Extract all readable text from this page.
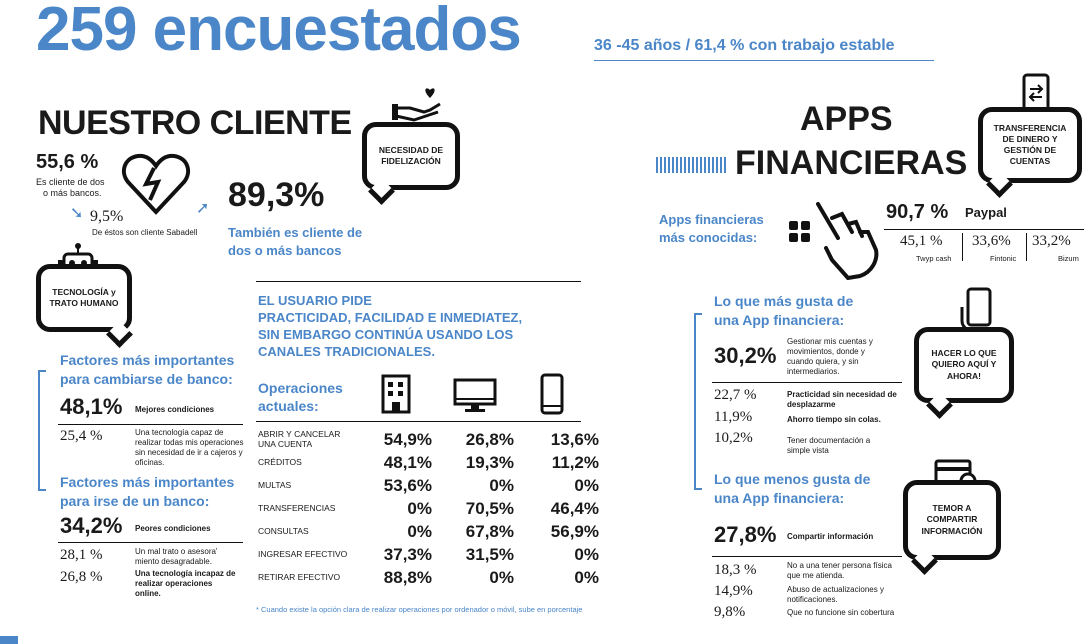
259 encuestados	36 -45 años / 61,4 % con trabajo estable
NUESTRO CLIENTE
55,6 %
Es cliente de dos
o más bancos.
➘ 9,5%
De éstos son cliente Sabadell
➚ 89,3%
También es cliente de
dos o más bancos
NECESIDAD DE
FIDELIZACIÓN
TECNOLOGÍA y
TRATO HUMANO
Factores más importantes
para cambiarse de banco:
48,1% Mejores condiciones
25,4 %	Una tecnología capaz de realizar todas mis operaciones sin necesidad de ir a cajeros y oficinas.
Factores más importantes
para irse de un banco:
34,2% Peores condiciones
28,1 %	Un mal trato o asesora' miento desagradable.
26,8 %	Una tecnología incapaz de realizar operaciones online.
EL USUARIO PIDE
PRACTICIDAD, FACILIDAD E INMEDIATEZ,
SIN EMBARGO CONTINÚA USANDO LOS
CANALES TRADICIONALES.
Operaciones
actuales:
ABRIR Y CANCELAR UNA CUENTA	54,9%	26,8%	13,6%
CRÉDITOS	48,1%	19,3%	11,2%
MULTAS	53,6%	0%	0%
TRANSFERENCIAS	0%	70,5%	46,4%
CONSULTAS	0%	67,8%	56,9%
INGRESAR EFECTIVO	37,3%	31,5%	0%
RETIRAR EFECTIVO	88,8%	0%	0%
* Cuando existe la opción clara de realizar operaciones por ordenador o móvil, sube en porcentaje
APPS
FINANCIERAS
TRANSFERENCIA DE DINERO Y GESTIÓN DE CUENTAS
Apps financieras
más conocidas:
90,7 % Paypal
45,1 %
Twyp cash
33,6%
Fintonic
33,2%
Bizum
Lo que más gusta de
una App financiera:
30,2%
Gestionar mis cuentas y movimientos, donde y cuando quiera, y sin intermediarios.
22,7 %	Practicidad sin necesidad de desplazarme
11,9%	Ahorro tiempo sin colas.
10,2%	Tener documentación a simple vista
HACER LO QUE QUIERO AQUÍ Y AHORA!
Lo que menos gusta de
una App financiera:
27,8% Compartir información
18,3 %	No a una tener persona física que me atienda.
14,9%	Abuso de actualizaciones y notificaciones.
9,8%	Que no funcione sin cobertura
TEMOR A COMPARTIR INFORMACIÓN
